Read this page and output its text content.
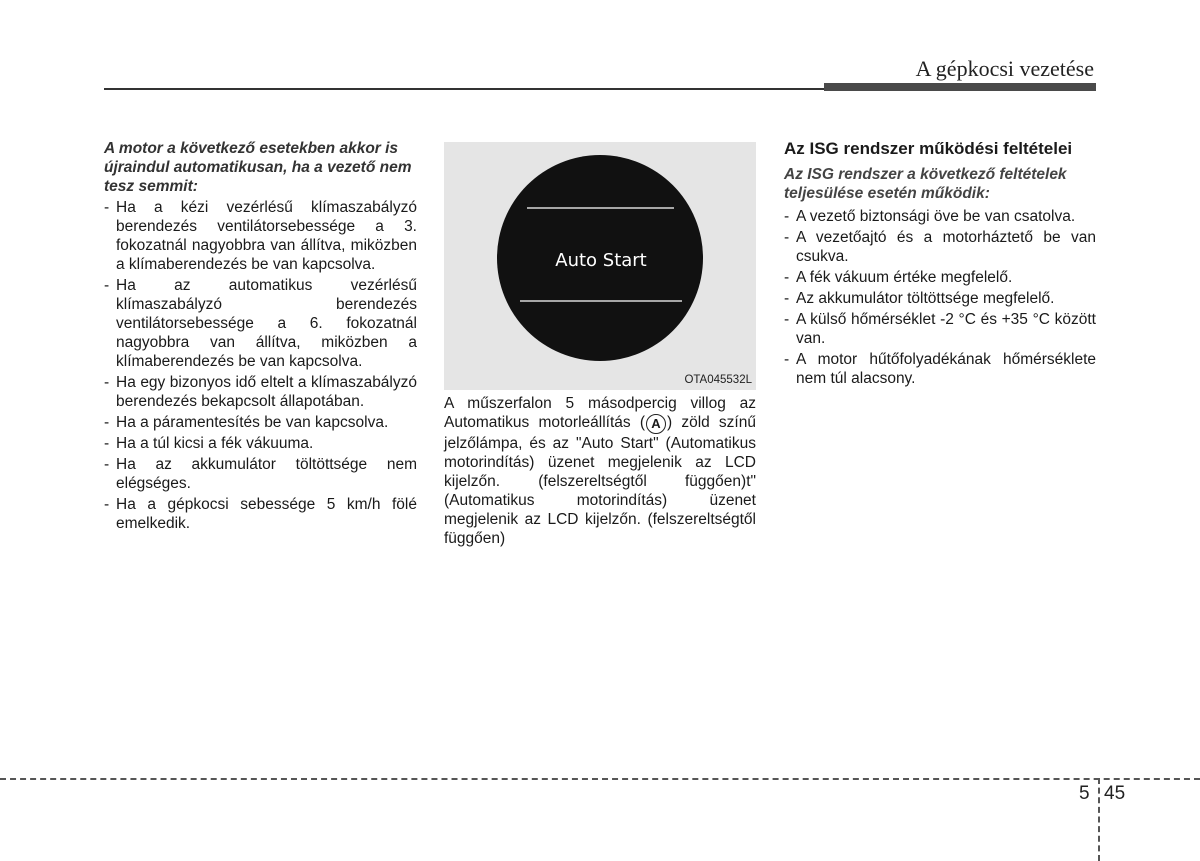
A gépkocsi vezetése

A motor a következő esetekben akkor is újraindul automatikusan, ha a vezető nem tesz semmit:

- Ha a kézi vezérlésű klímaszabályzó berendezés ventilátorsebessége a 3. fokozatnál nagyobbra van állítva, miközben a klímaberendezés be van kapcsolva.
- Ha az automatikus vezérlésű klímaszabályzó berendezés ventilátorsebessége a 6. fokozatnál nagyobbra van állítva, miközben a klímaberendezés be van kapcsolva.
- Ha egy bizonyos idő eltelt a klímaszabályzó berendezés bekapcsolt állapotában.
- Ha a páramentesítés be van kapcsolva.
- Ha a túl kicsi a fék vákuuma.
- Ha az akkumulátor töltöttsége nem elégséges.
- Ha a gépkocsi sebessége 5 km/h fölé emelkedik.
Auto Start
OTA045532L

A műszerfalon 5 másodpercig villog az Automatikus motorleállítás ( A ) zöld színű jelzőlámpa, és az "Auto Start" (Automatikus motorindítás) üzenet megjelenik az LCD kijelzőn. (felszereltségtől függően)t" (Automatikus motorindítás) üzenet megjelenik az LCD kijelzőn. (felszereltségtől függően)

Az ISG rendszer működési feltételei

Az ISG rendszer a következő feltételek teljesülése esetén működik:

- A vezető biztonsági öve be van csatolva.
- A vezetőajtó és a motorháztető be van csukva.
- A fék vákuum értéke megfelelő.
- Az akkumulátor töltöttsége megfelelő.
- A külső hőmérséklet -2 °C és +35 °C között van.
- A motor hűtőfolyadékának hőmérséklete nem túl alacsony.
5 45
